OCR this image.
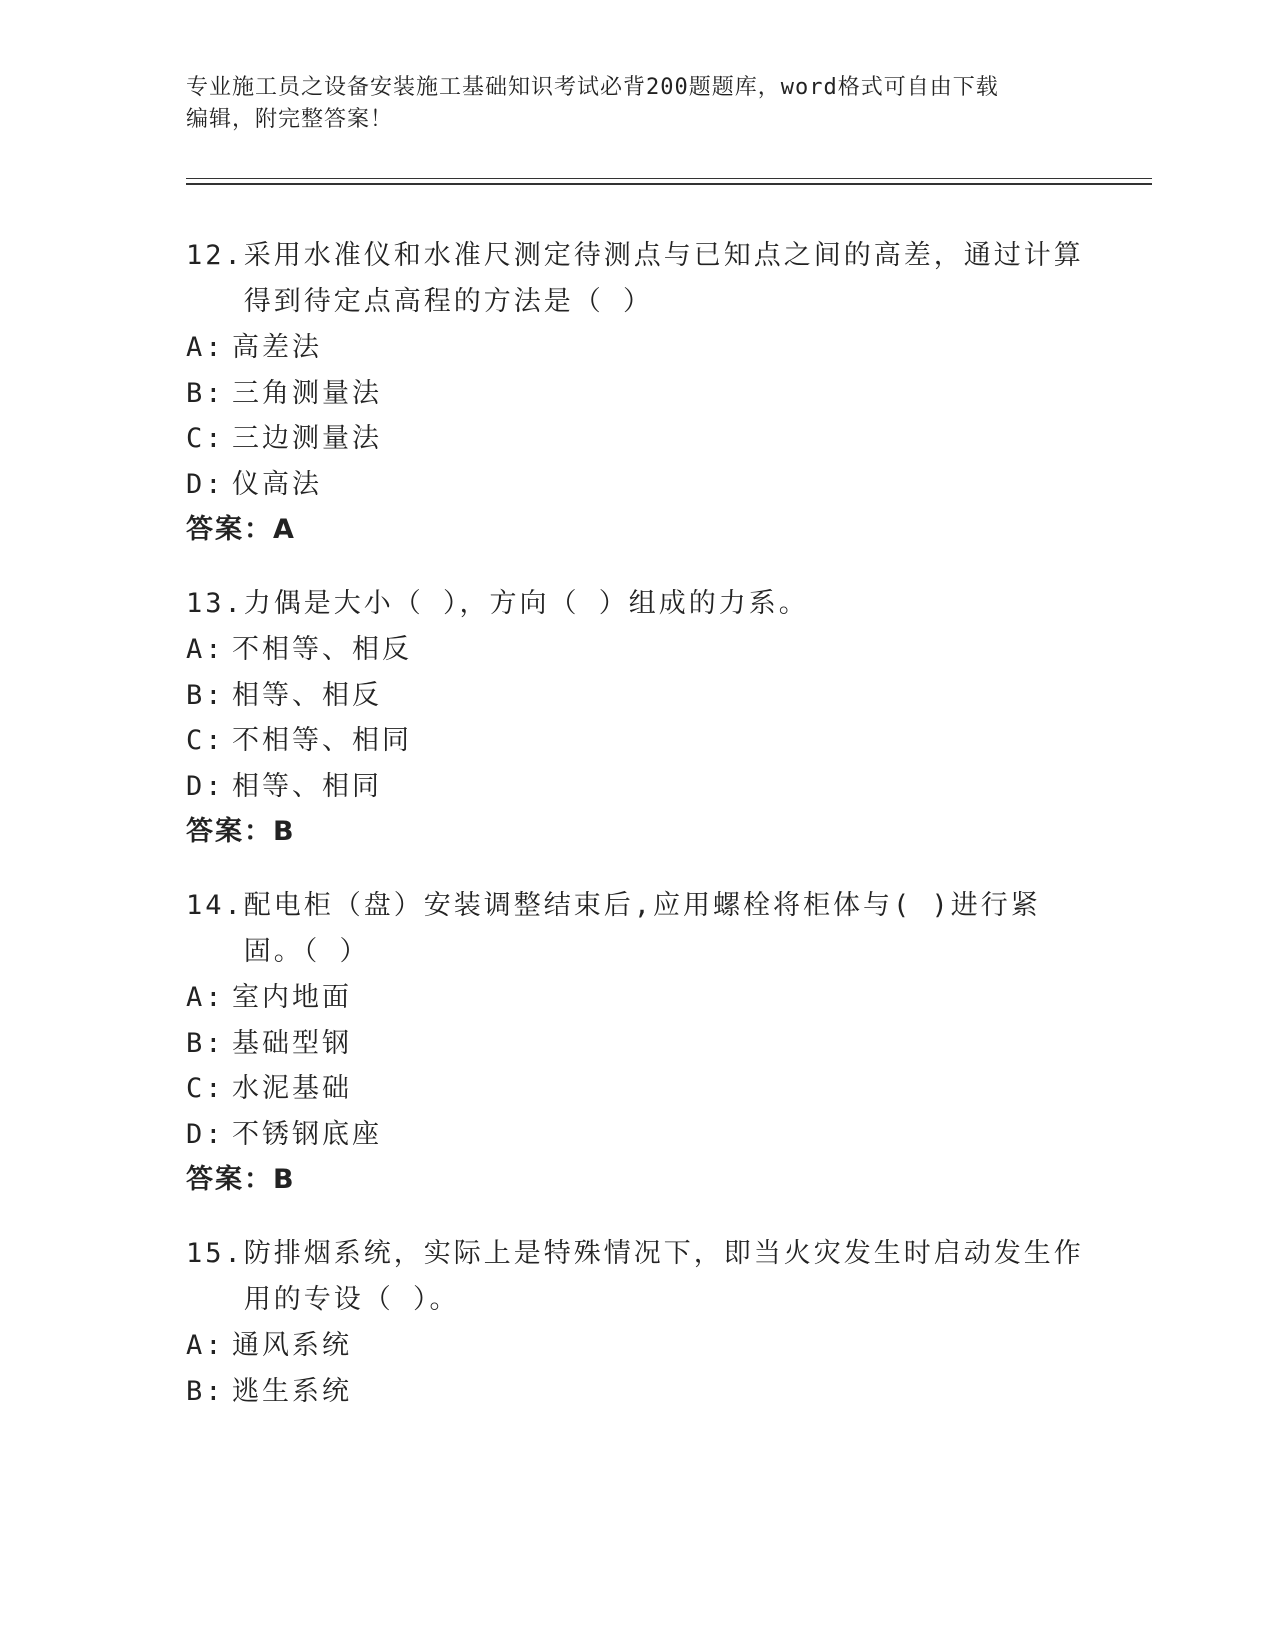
专业施工员之设备安装施工基础知识考试必背200题题库，word格式可自由下载
编辑，附完整答案！
12. 采用水准仪和水准尺测定待测点与已知点之间的高差，通过计算得到待定点高程的方法是（ ）
A: 高差法
B: 三角测量法
C: 三边测量法
D: 仪高法
答案：A
13. 力偶是大小（ ），方向（ ）组成的力系。
A: 不相等、相反
B: 相等、相反
C: 不相等、相同
D: 相等、相同
答案：B
14. 配电柜（盘）安装调整结束后,应用螺栓将柜体与( )进行紧固。（ ）
A: 室内地面
B: 基础型钢
C: 水泥基础
D: 不锈钢底座
答案：B
15. 防排烟系统，实际上是特殊情况下，即当火灾发生时启动发生作用的专设（ ）。
A: 通风系统
B: 逃生系统
